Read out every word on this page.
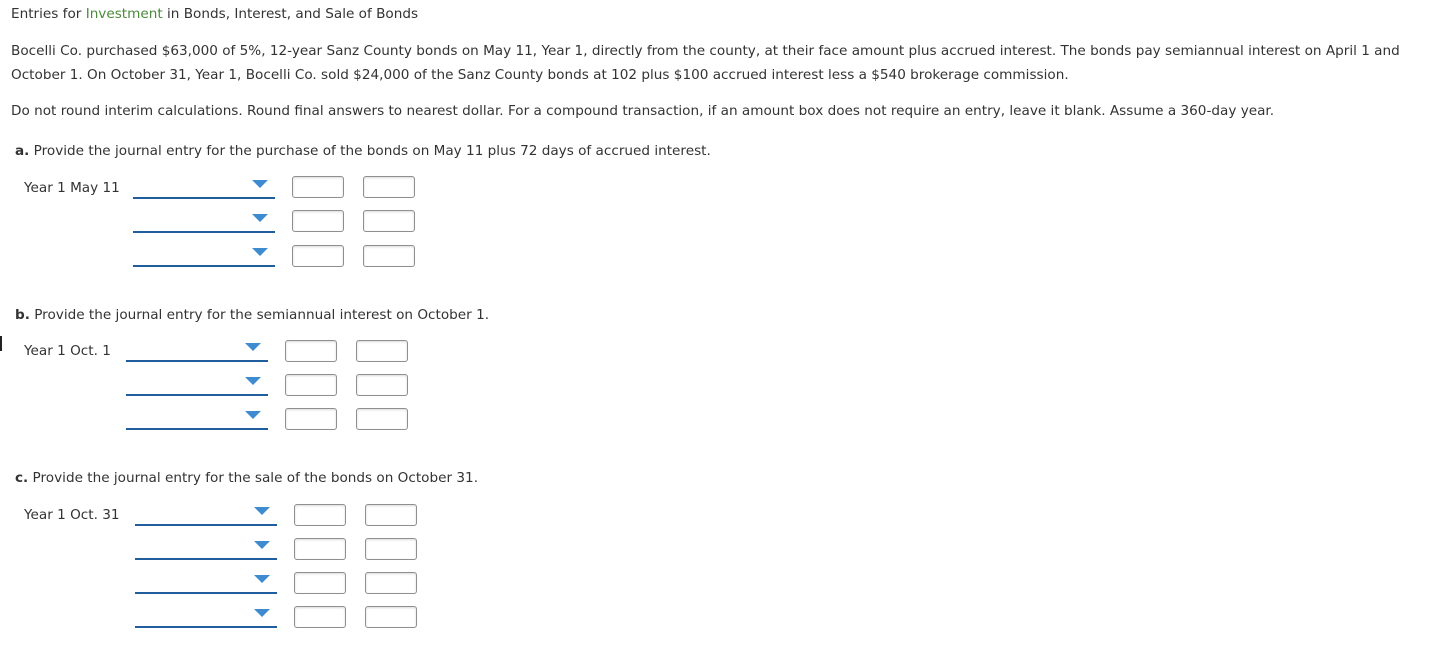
Entries for Investment in Bonds, Interest, and Sale of Bonds
Bocelli Co. purchased $63,000 of 5%, 12-year Sanz County bonds on May 11, Year 1, directly from the county, at their face amount plus accrued interest. The bonds pay semiannual interest on April 1 and October 1. On October 31, Year 1, Bocelli Co. sold $24,000 of the Sanz County bonds at 102 plus $100 accrued interest less a $540 brokerage commission.
Do not round interim calculations. Round final answers to nearest dollar. For a compound transaction, if an amount box does not require an entry, leave it blank. Assume a 360-day year.
a. Provide the journal entry for the purchase of the bonds on May 11 plus 72 days of accrued interest.
Year 1 May 11
b. Provide the journal entry for the semiannual interest on October 1.
Year 1 Oct. 1
c. Provide the journal entry for the sale of the bonds on October 31.
Year 1 Oct. 31
